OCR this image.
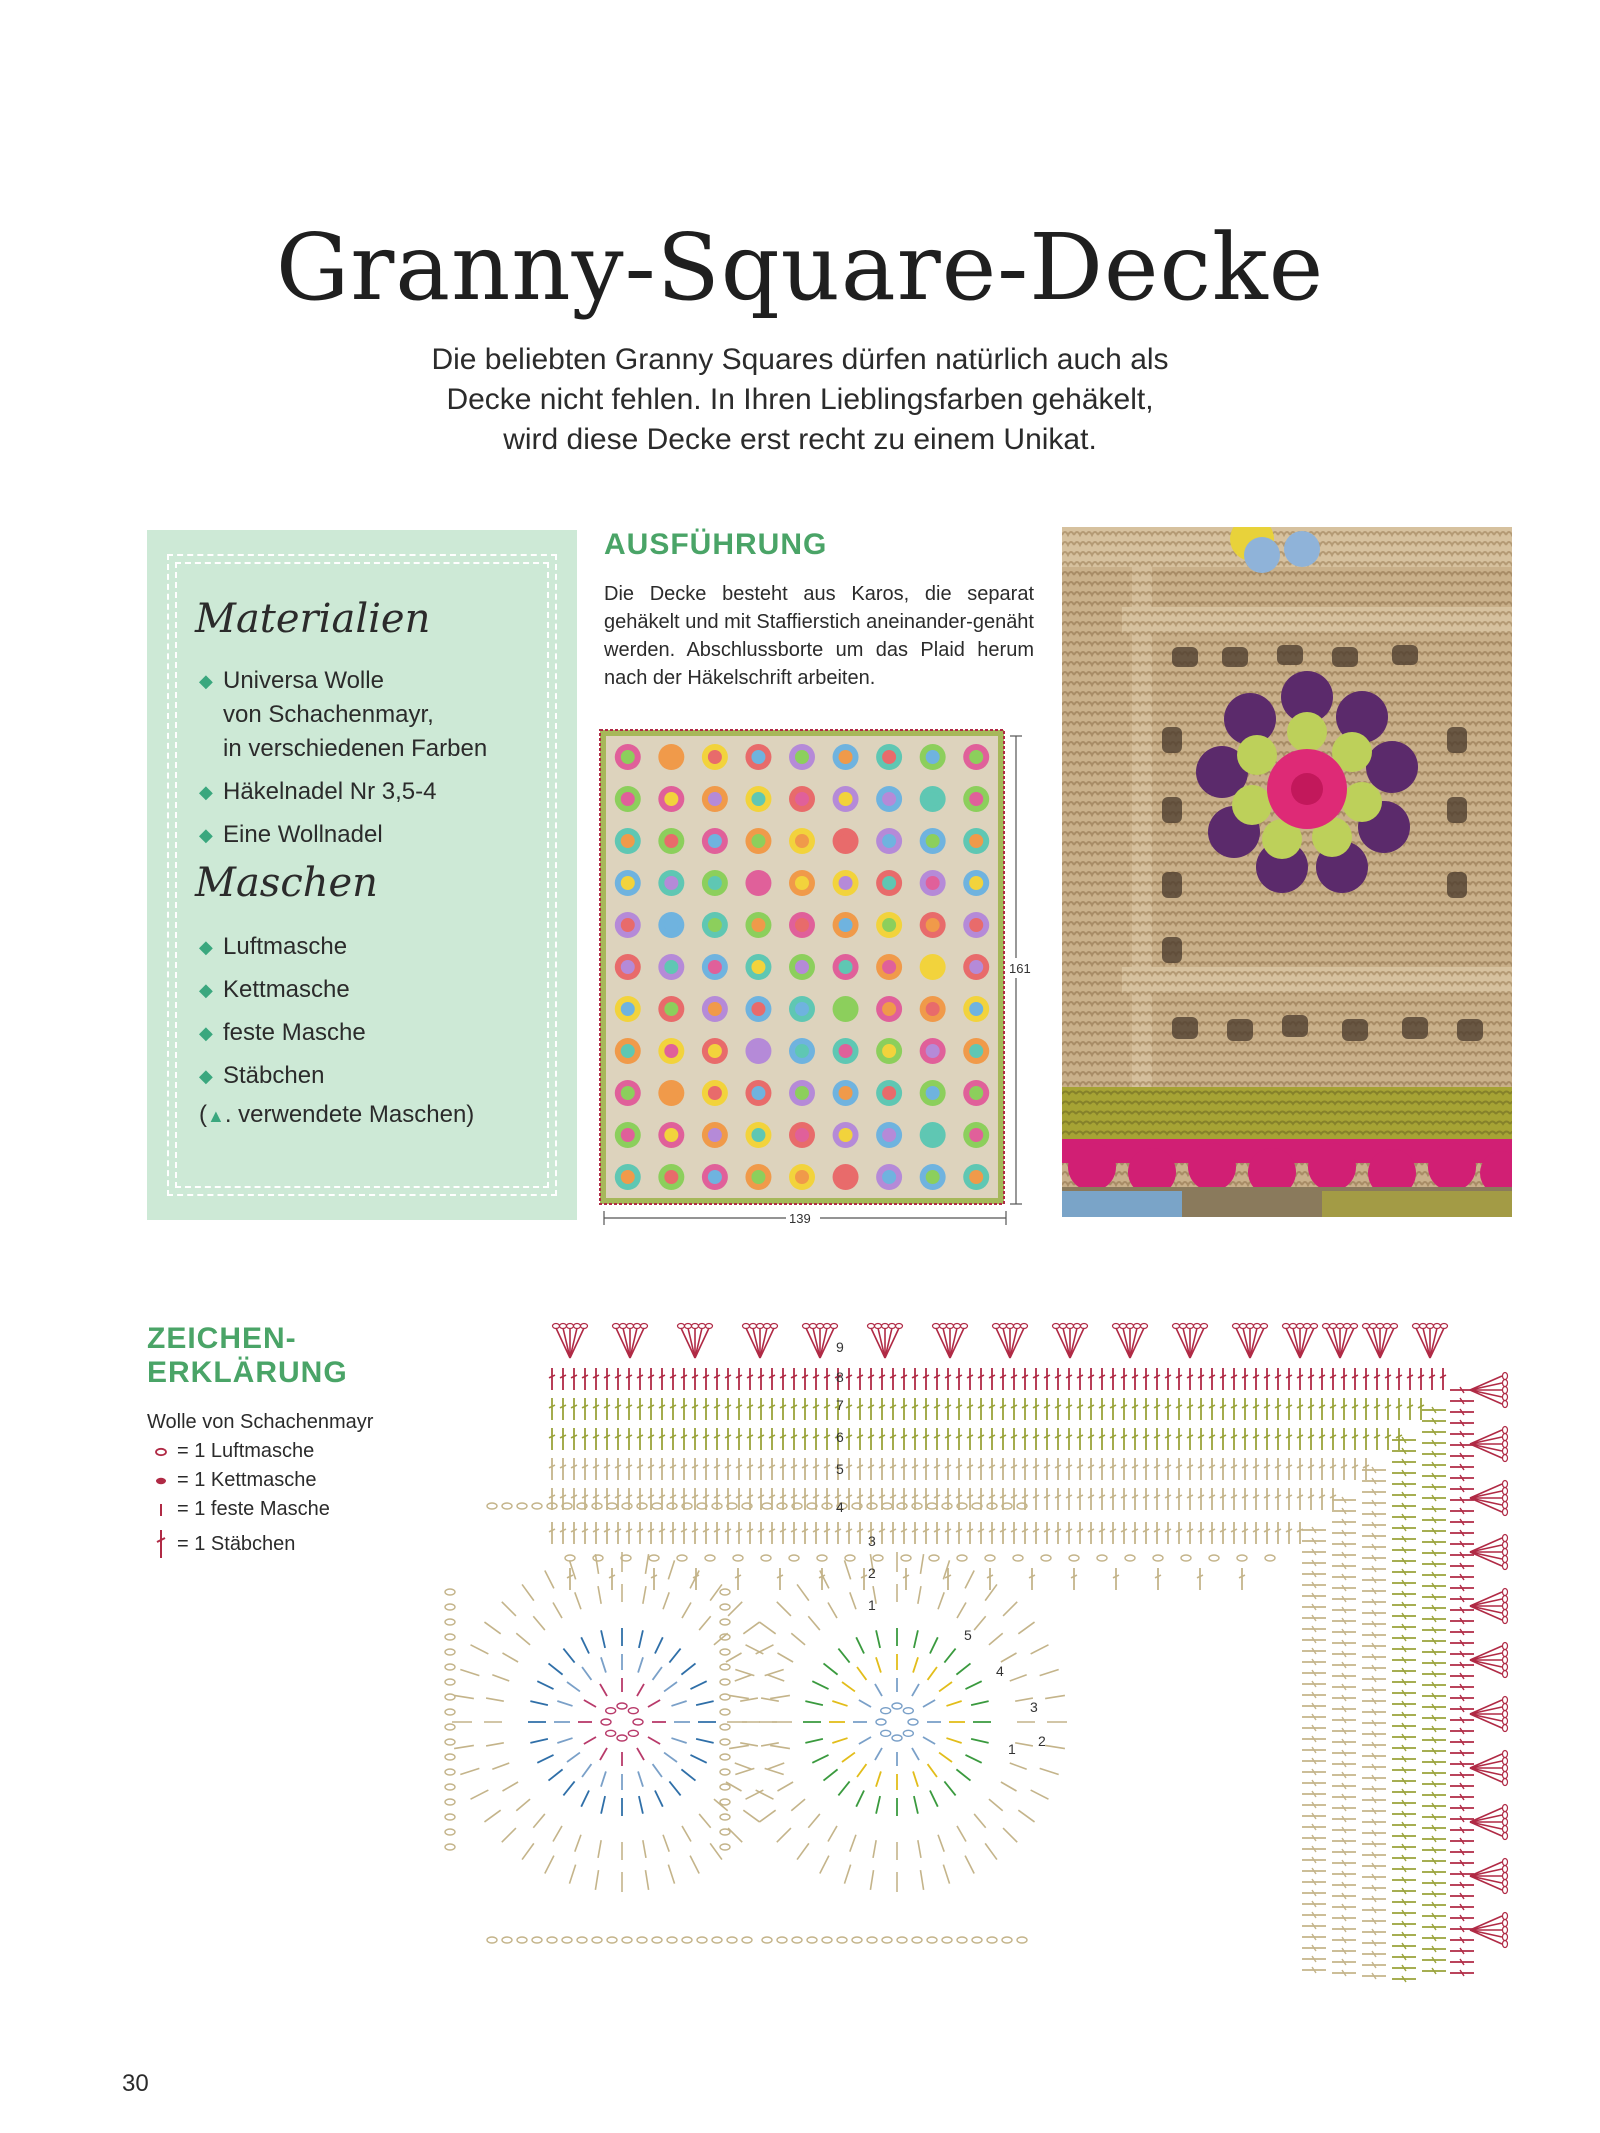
Granny-Square-Decke
Die beliebten Granny Squares dürfen natürlich auch als
Decke nicht fehlen. In Ihren Lieblingsfarben gehäkelt,
wird diese Decke erst recht zu einem Unikat.
Materialien
◆ Universa Wolle
von Schachenmayr,
in verschiedenen Farben
◆ Häkelnadel Nr 3,5-4
◆ Eine Wollnadel
Maschen
◆ Luftmasche
◆ Kettmasche
◆ feste Masche
◆ Stäbchen
(▲. verwendete Maschen)
AUSFÜHRUNG
Die Decke besteht aus Karos, die separat gehäkelt und mit Staffierstich aneinander-genäht werden. Abschlussborte um das Plaid herum nach der Häkelschrift arbeiten.
161
139
ZEICHEN-
ERKLÄRUNG
Wolle von Schachenmayr
= 1 Luftmasche
= 1 Kettmasche
= 1 feste Masche
= 1 Stäbchen
9
8
7
6
5
4
3
2
1
1 2
3
4
5
30
